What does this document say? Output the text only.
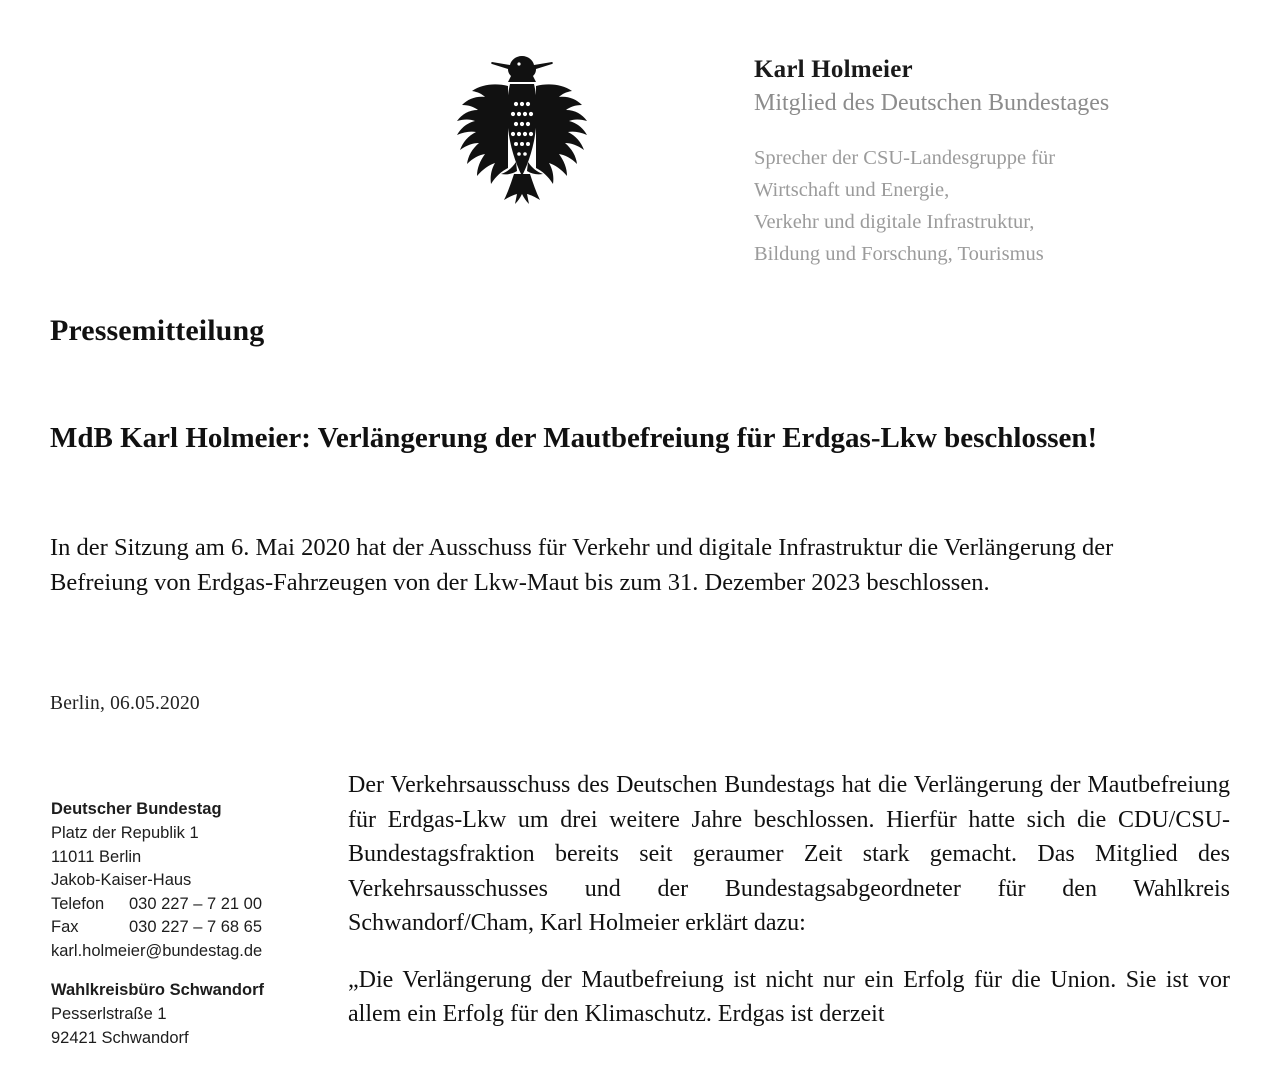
Karl Holmeier
Mitglied des Deutschen Bundestages
Sprecher der CSU-Landesgruppe für
Wirtschaft und Energie,
Verkehr und digitale Infrastruktur,
Bildung und Forschung, Tourismus
Pressemitteilung
MdB Karl Holmeier: Verlängerung der Mautbefreiung für Erdgas-Lkw beschlossen!
In der Sitzung am 6. Mai 2020 hat der Ausschuss für Verkehr und digitale Infrastruktur die Verlängerung der Befreiung von Erdgas-Fahrzeugen von der Lkw-Maut bis zum 31. Dezember 2023 beschlossen.
Berlin, 06.05.2020
Deutscher Bundestag
Platz der Republik 1
11011 Berlin
Jakob-Kaiser-Haus
Telefon	030 227 – 7 21 00
Fax	030 227 – 7 68 65
karl.holmeier@bundestag.de
Wahlkreisbüro Schwandorf
Pesserlstraße 1
92421 Schwandorf

Der Verkehrsausschuss des Deutschen Bundestags hat die Verlängerung der Mautbefreiung für Erdgas-Lkw um drei weitere Jahre beschlossen. Hierfür hatte sich die CDU/CSU-Bundestagsfraktion bereits seit geraumer Zeit stark gemacht. Das Mitglied des Verkehrsausschusses und der Bundestagsabgeordneter für den Wahlkreis Schwandorf/Cham, Karl Holmeier erklärt dazu:

„Die Verlängerung der Mautbefreiung ist nicht nur ein Erfolg für die Union. Sie ist vor allem ein Erfolg für den Klimaschutz. Erdgas ist derzeit
